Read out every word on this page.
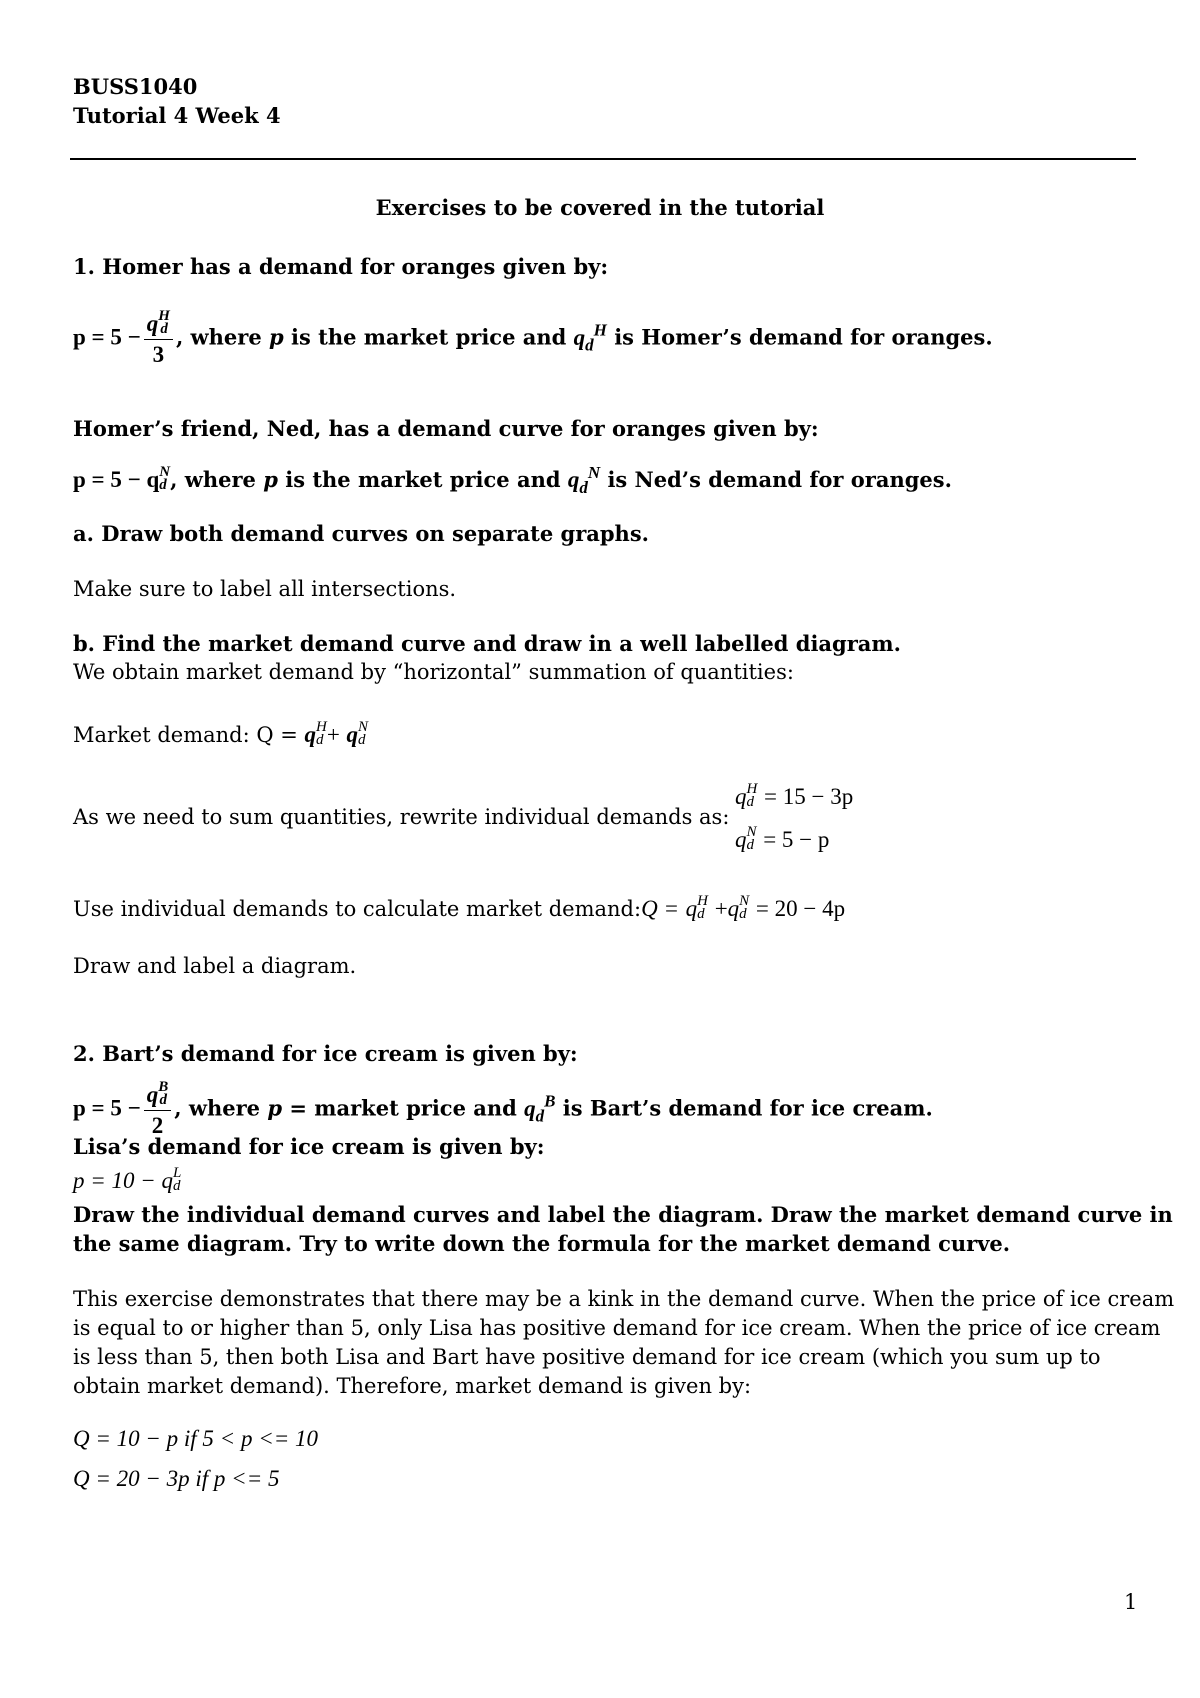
BUSS1040
Tutorial 4 Week 4
Exercises to be covered in the tutorial
1. Homer has a demand for oranges given by:
p = 5 − q H
d
3 , where p is the market price and $q_d^H$ is Homer’s demand for oranges.
Homer’s friend, Ned, has a demand curve for oranges given by:
p = 5 − q N
d , where p is the market price and $q_d^N$ is Ned’s demand for oranges.
a. Draw both demand curves on separate graphs.
Make sure to label all intersections.
b. Find the market demand curve and draw in a well labelled diagram.
We obtain market demand by “horizontal” summation of quantities:
Market demand: Q = q H
d + q N
d
As we need to sum quantities, rewrite individual demands as:
q H
d = 15 − 3p
q N
d = 5 − p
Use individual demands to calculate market demand:Q = q H
d +q N
d = 20 − 4p
Draw and label a diagram.
2. Bart’s demand for ice cream is given by:
p = 5 − q B
d
2 , where p = market price and $q_d^B$ is Bart’s demand for ice cream.
Lisa’s demand for ice cream is given by:
p = 10 − q L
d
Draw the individual demand curves and label the diagram. Draw the market demand curve in
the same diagram. Try to write down the formula for the market demand curve.
This exercise demonstrates that there may be a kink in the demand curve. When the price of ice cream
is equal to or higher than 5, only Lisa has positive demand for ice cream. When the price of ice cream
is less than 5, then both Lisa and Bart have positive demand for ice cream (which you sum up to
obtain market demand). Therefore, market demand is given by:
Q = 10 − p if 5 < p <= 10
Q = 20 − 3p if p <= 5
1
